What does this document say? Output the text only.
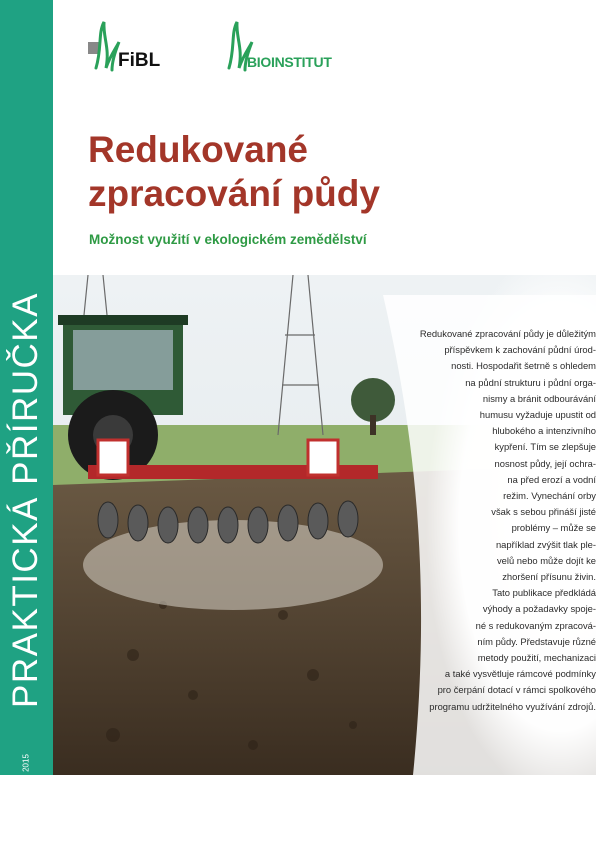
PRAKTICKÁ PŘÍRUČKA
2015
FiBL	BIOINSTITUT
Redukované
zpracování půdy
Možnost využití v ekologickém zemědělství

Redukované zpracování půdy je důležitým

příspěvkem k zachování půdní úrod-

nosti. Hospodařit šetrně s ohledem

na půdní strukturu i půdní orga-

nismy a bránit odbourávání

humusu vyžaduje upustit od

hlubokého a intenzivního

kypření. Tím se zlepšuje

nosnost půdy, její ochra-

na před erozí a vodní

režim. Vynechání orby

však s sebou přináší jisté

problémy – může se

například zvýšit tlak ple-

velů nebo může dojít ke

zhoršení přísunu živin.

Tato publikace předkládá

výhody a požadavky spoje-

né s redukovaným zpracová-

ním půdy. Představuje různé

metody použití, mechanizaci

a také vysvětluje rámcové podmínky

pro čerpání dotací v rámci spolkového

programu udržitelného využívání zdrojů.
